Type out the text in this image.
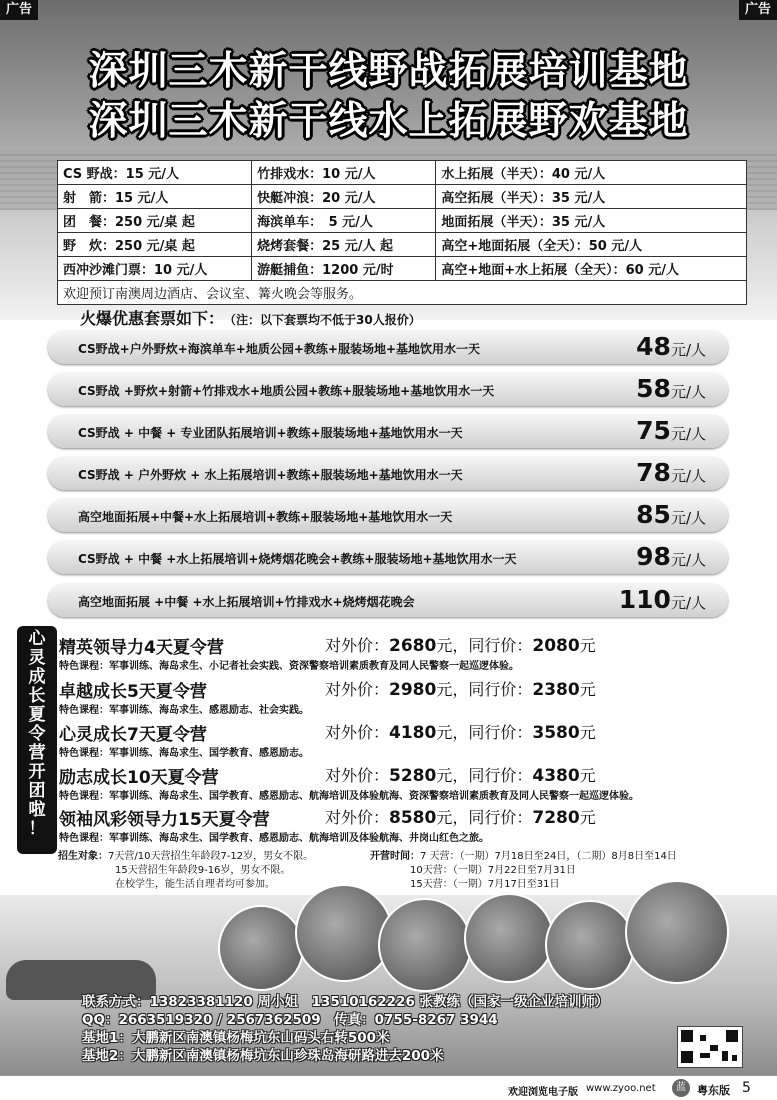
广告	广告
深圳三木新干线野战拓展培训基地
深圳三木新干线水上拓展野欢基地
CS 野战：15 元/人	竹排戏水：10 元/人	水上拓展（半天）：40 元/人
射　箭：15 元/人	快艇冲浪：20 元/人	高空拓展（半天）：35 元/人
团　餐：250 元/桌 起	海滨单车：　5 元/人	地面拓展（半天）：35 元/人
野　炊：250 元/桌 起	烧烤套餐：25 元/人 起	高空+地面拓展（全天）：50 元/人
西冲沙滩门票：10 元/人	游艇捕鱼：1200 元/时	高空+地面+水上拓展（全天）：60 元/人
欢迎预订南澳周边酒店、会议室、篝火晚会等服务。		
火爆优惠套票如下： （注：以下套票均不低于30人报价）
CS野战+户外野炊+海滨单车+地质公园+教练+服装场地+基地饮用水一天	48元/人
CS野战 +野炊+射箭+竹排戏水+地质公园+教练+服装场地+基地饮用水一天	58元/人
CS野战 + 中餐 + 专业团队拓展培训+教练+服装场地+基地饮用水一天	75元/人
CS野战 + 户外野炊 + 水上拓展培训+教练+服装场地+基地饮用水一天	78元/人
高空地面拓展+中餐+水上拓展培训+教练+服装场地+基地饮用水一天	85元/人
CS野战 + 中餐 +水上拓展培训+烧烤烟花晚会+教练+服装场地+基地饮用水一天	98元/人
高空地面拓展 +中餐 +水上拓展培训+竹排戏水+烧烤烟花晚会	110元/人
心
灵
成
长
夏
令
营
开
团
啦
！
精英领导力4天夏令营	对外价：2680元，同行价：2080元
特色课程：军事训练、海岛求生、小记者社会实践、资深警察培训素质教育及同人民警察一起巡逻体验。
卓越成长5天夏令营	对外价：2980元，同行价：2380元
特色课程：军事训练、海岛求生、感恩励志、社会实践。
心灵成长7天夏令营	对外价：4180元，同行价：3580元
特色课程：军事训练、海岛求生、国学教育、感恩励志。
励志成长10天夏令营	对外价：5280元，同行价：4380元
特色课程：军事训练、海岛求生、国学教育、感恩励志、航海培训及体验航海、资深警察培训素质教育及同人民警察一起巡逻体验。
领袖风彩领导力15天夏令营	对外价：8580元，同行价：7280元
特色课程：军事训练、海岛求生、国学教育、感恩励志、航海培训及体验航海、井岗山红色之旅。
招生对象：7天营/10天营招生年龄段7-12岁，男女不限。
15天营招生年龄段9-16岁，男女不限。
在校学生，能生活自理者均可参加。
开营时间：7 天营：（一期）7月18日至24日，（二期）8月8日至14日
10天营：（一期）7月22日至7月31日
15天营：（一期）7月17日至31日
联系方式：13823381120 周小姐　13510162226 张教练（国家一级企业培训师）
QQ：2663519320 / 2567362509　传真：0755-8267 3944
基地1：大鹏新区南澳镇杨梅坑东山码头右转500米
基地2：大鹏新区南澳镇杨梅坑东山珍珠岛海研路进去200米
欢迎浏览电子版 www.zyoo.net	蓝	粤东版 5
